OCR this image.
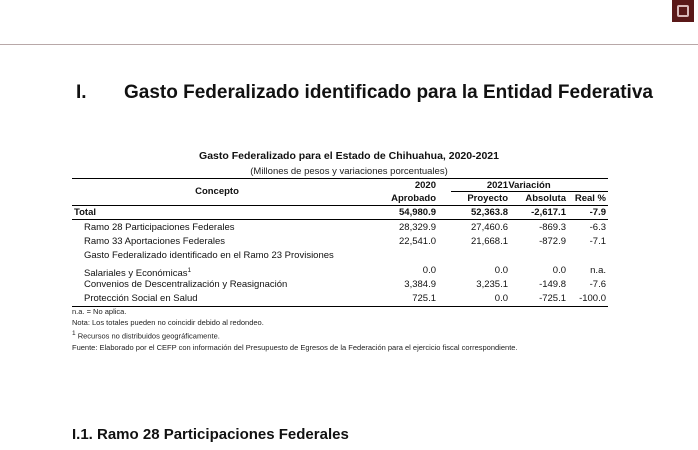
I. Gasto Federalizado identificado para la Entidad Federativa
Gasto Federalizado para el Estado de Chihuahua, 2020-2021
(Millones de pesos y variaciones porcentuales)
Concepto
2020	2021 Variación
Aprobado	Proyecto	Absoluta Real %
Total	54,980.9	52,363.8	-2,617.1	-7.9
Ramo 28 Participaciones Federales	28,329.9	27,460.6	-869.3	-6.3
Ramo 33 Aportaciones Federales	22,541.0	21,668.1	-872.9	-7.1
Gasto Federalizado identificado en el Ramo 23 Provisiones
Salariales y Económicas$^1$	0.0	0.0	0.0	n.a.
Convenios de Descentralización y Reasignación	3,384.9	3,235.1	-149.8	-7.6
Protección Social en Salud	725.1	0.0	-725.1	-100.0
n.a. = No aplica.
Nota: Los totales pueden no coincidir debido al redondeo.
$^1$ Recursos no distribuidos geográficamente.
Fuente: Elaborado por el CEFP con información del Presupuesto de Egresos de la Federación para el ejercicio fiscal correspondiente.
I.1. Ramo 28 Participaciones Federales
